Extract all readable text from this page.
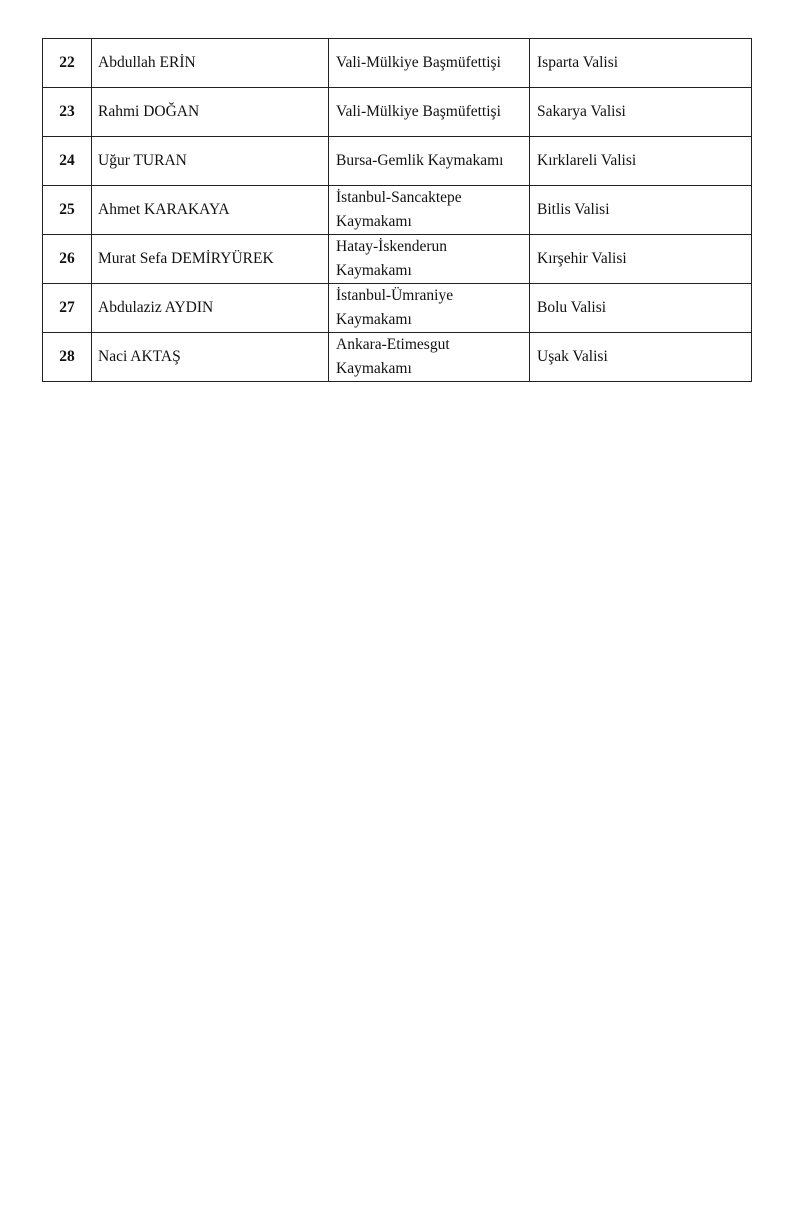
22	Abdullah ERİN	Vali-Mülkiye Başmüfettişi	Isparta Valisi
23	Rahmi DOĞAN	Vali-Mülkiye Başmüfettişi	Sakarya Valisi
24	Uğur TURAN	Bursa-Gemlik Kaymakamı	Kırklareli Valisi
25	Ahmet KARAKAYA	İstanbul-Sancaktepe Kaymakamı	Bitlis Valisi
26	Murat Sefa DEMİRYÜREK	Hatay-İskenderun Kaymakamı	Kırşehir Valisi
27	Abdulaziz AYDIN	İstanbul-Ümraniye Kaymakamı	Bolu Valisi
28	Naci AKTAŞ	Ankara-Etimesgut Kaymakamı	Uşak Valisi
